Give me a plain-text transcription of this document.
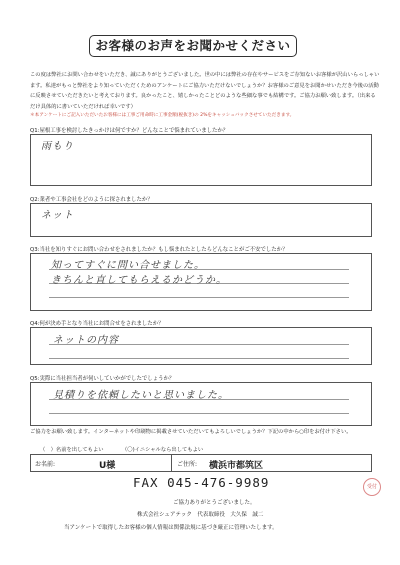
お客様のお声をお聞かせください
この度は弊社にお問い合わせをいただき、誠にありがとうございました。世の中には弊社の存在やサービスをご存知ないお客様が沢山いらっしゃいます。私達がもっと弊社をより知っていただくためのアンケートにご協力いただけないでしょうか？お客様のご意見をお聞かせいただき今後の活動に反映させていただきたいと考えております。良かったこと、嬉しかったことどのような些細な事でも結構です。ご協力お願い致します。（出来るだけ具体的に書いていただければ幸いです）
＊本アンケートにご記入いただいたお客様には工事ご用命時に工事金額(税抜き)の 2%をキャッシュバックさせていただきます。
Q1:屋根工事を検討したきっかけは何ですか？どんなことで悩まれていましたか？
雨もり
Q2:業者や工事会社をどのように探されましたか？
ネット
Q3:当社を知りすぐにお問い合わせをされましたか？もし悩まれたとしたらどんなことがご不安でしたか？
知ってすぐに問い合せました。
きちんと直してもらえるかどうか。
Q4:何が決め手となり当社にお問合せをされましたか？
ネットの内容
Q5:実際に当社担当者が伺いしていかがでしたでしょうか？
見積りを依頼したいと思いました。
ご協力をお願い致します。インターネットや印刷物に掲載させていただいてもよろしいでしょうか？下記の中から○印をお付け下さい。
（　）名前を出してもよい	（〇)イニシャルなら出してもよい
お名前:	U様	ご住所: 横浜市都筑区
FAX 045-476-9989	受付
ご協力ありがとうございました。
株式会社シェアテック　代表取締役　大久保　誠二
当アンケートで取得したお客様の個人情報は関係法規に基づき厳正に管理いたします。
